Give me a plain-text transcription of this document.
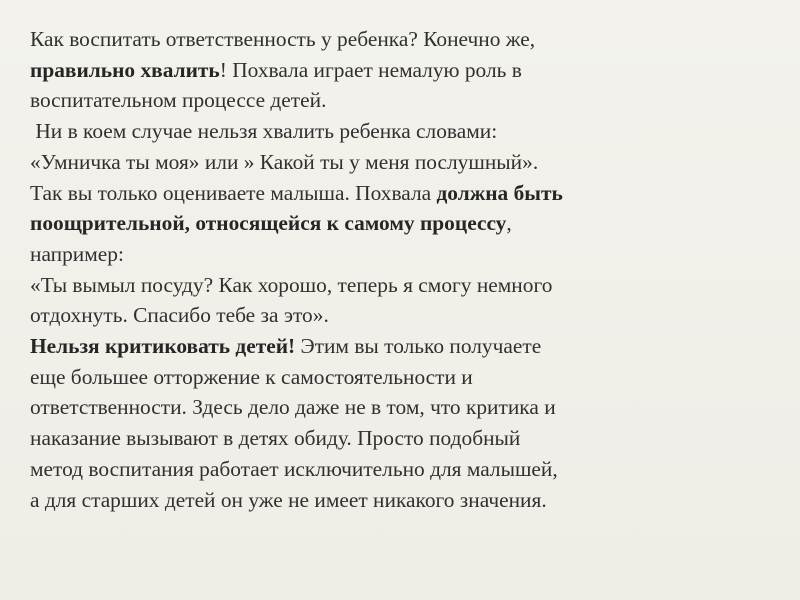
Как воспитать ответственность у ребенка? Конечно же,
правильно хвалить! Похвала играет немалую роль в
воспитательном процессе детей.
Ни в коем случае нельзя хвалить ребенка словами:
«Умничка ты моя» или » Какой ты у меня послушный».
Так вы только оцениваете малыша. Похвала должна быть
поощрительной, относящейся к самому процессу,
например:
«Ты вымыл посуду? Как хорошо, теперь я смогу немного
отдохнуть. Спасибо тебе за это».
Нельзя критиковать детей! Этим вы только получаете
еще большее отторжение к самостоятельности и
ответственности. Здесь дело даже не в том, что критика и
наказание вызывают в детях обиду. Просто подобный
метод воспитания работает исключительно для малышей,
а для старших детей он уже не имеет никакого значения.
